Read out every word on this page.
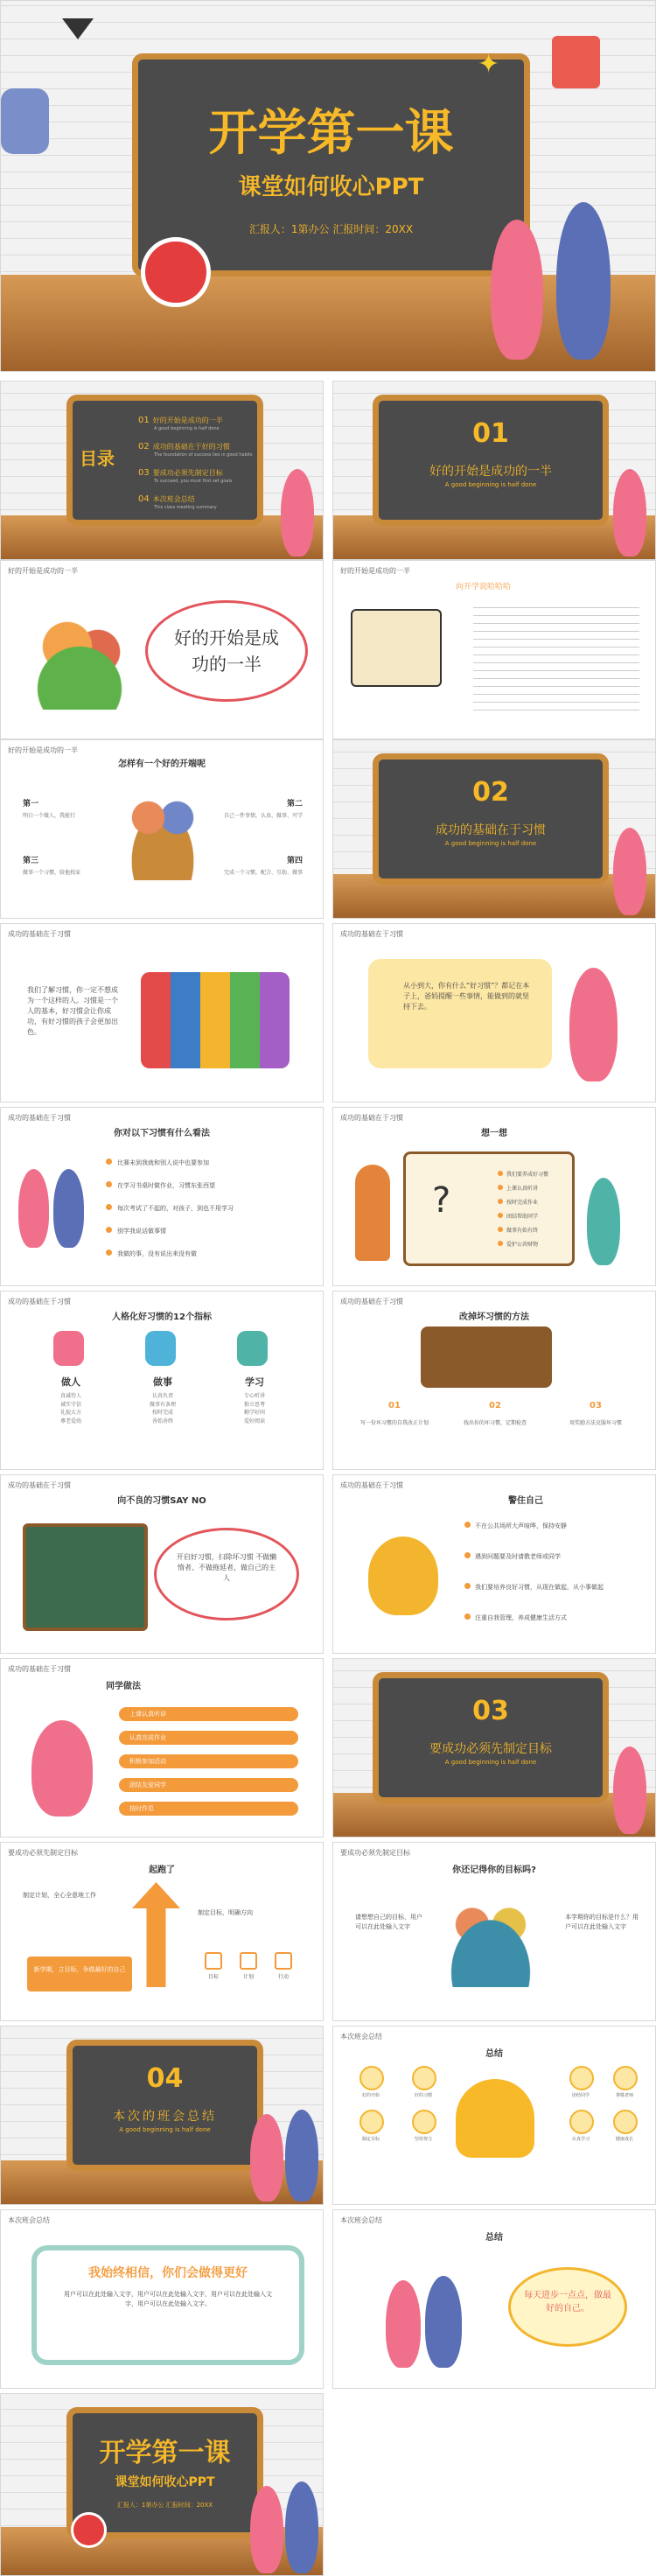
开学第一课
课堂如何收心PPT
汇报人：1第办公 汇报时间：20XX
✦
目录
01 好的开始是成功的一半
A good beginning is half done
02 成功的基础在于好的习惯
The foundation of success lies in good habits
03 要成功必须先制定目标
To succeed, you must first set goals
04 本次班会总结
This class meeting summary
01
好的开始是成功的一半
A good beginning is half done
好的开始是成功的一半
好的开始是成功的一半
好的开始是成功的一半
向开学说哈哈哈
好的开始是成功的一半
怎样有一个好的开端呢
第一
明白一个做人，我能行
第二
自己一件事情，认真、做事、可学
第三
做事一个习惯，给他找家
第四
完成一个习惯，配合、互助、做事
02
成功的基础在于习惯
A good beginning is half done
成功的基础在于习惯
我们了解习惯，你一定不想成为一个这样的人。习惯是一个人的基本，好习惯会让你成功，有好习惯的孩子会更加出色。
成功的基础在于习惯
从小到大，你有什么“好习惯”？都记在本子上，爸妈提醒一些事情，能做到的就坚持下去。
成功的基础在于习惯
你对以下习惯有什么看法
比赛未到我就和别人说中也要参加
在学习书桌时做作业，习惯东张西望
每次考试了不起的，对孩子，到也不用学习
别学我说话做事情
我做的事，没有说出来没有做
成功的基础在于习惯
想一想
?
我们要养成好习惯
上课认真听讲
按时完成作业
团结帮助同学
做事有始有终
爱护公共财物
成功的基础在于习惯
人格化好习惯的12个指标
做人
真诚待人
诚实守信
礼貌大方
尊老爱幼
做事
认真负责
做事有条理
按时完成
善始善终
学习
专心听讲
独立思考
勤学好问
爱好阅读
成功的基础在于习惯
改掉坏习惯的方法
01
写一份坏习惯的自我改正计划
02
找出你的坏习惯，定期检查
03
用奖励方法克服坏习惯
成功的基础在于习惯
向不良的习惯SAY NO
开启好习惯，扫除坏习惯 不做懒惰者、不做拖延者，做自己的主人
成功的基础在于习惯
警住自己
不在公共场所大声喧哗，保持安静
遇到问题要及时请教老师或同学
我们要培养良好习惯，从现在做起，从小事做起
注重自我管理，养成健康生活方式
成功的基础在于习惯
同学做法
上课认真听讲
认真完成作业
积极参加活动
团结友爱同学
按时作息
03
要成功必须先制定目标
A good beginning is half done
要成功必须先制定目标
起跑了
制定计划，全心全意地工作
制定目标，明确方向
目标	计划	行动
新学期，立目标，争做最好的自己
要成功必须先制定目标
你还记得你的目标吗?
请想想自己的目标，用户可以在此处输入文字
本学期你的目标是什么？用户可以在此处输入文字
04
本次的班会总结
A good beginning is half done
本次班会总结
总结
好的开始	好的习惯
制定目标	坚持努力
团结同学	尊敬老师
认真学习	健康成长
本次班会总结
我始终相信，你们会做得更好
用户可以在此处输入文字，用户可以在此处输入文字，用户可以在此处输入文字，用户可以在此处输入文字。
本次班会总结
总结
每天进步一点点，做最好的自己。
开学第一课
课堂如何收心PPT
汇报人：1第办公 汇报时间：20XX
